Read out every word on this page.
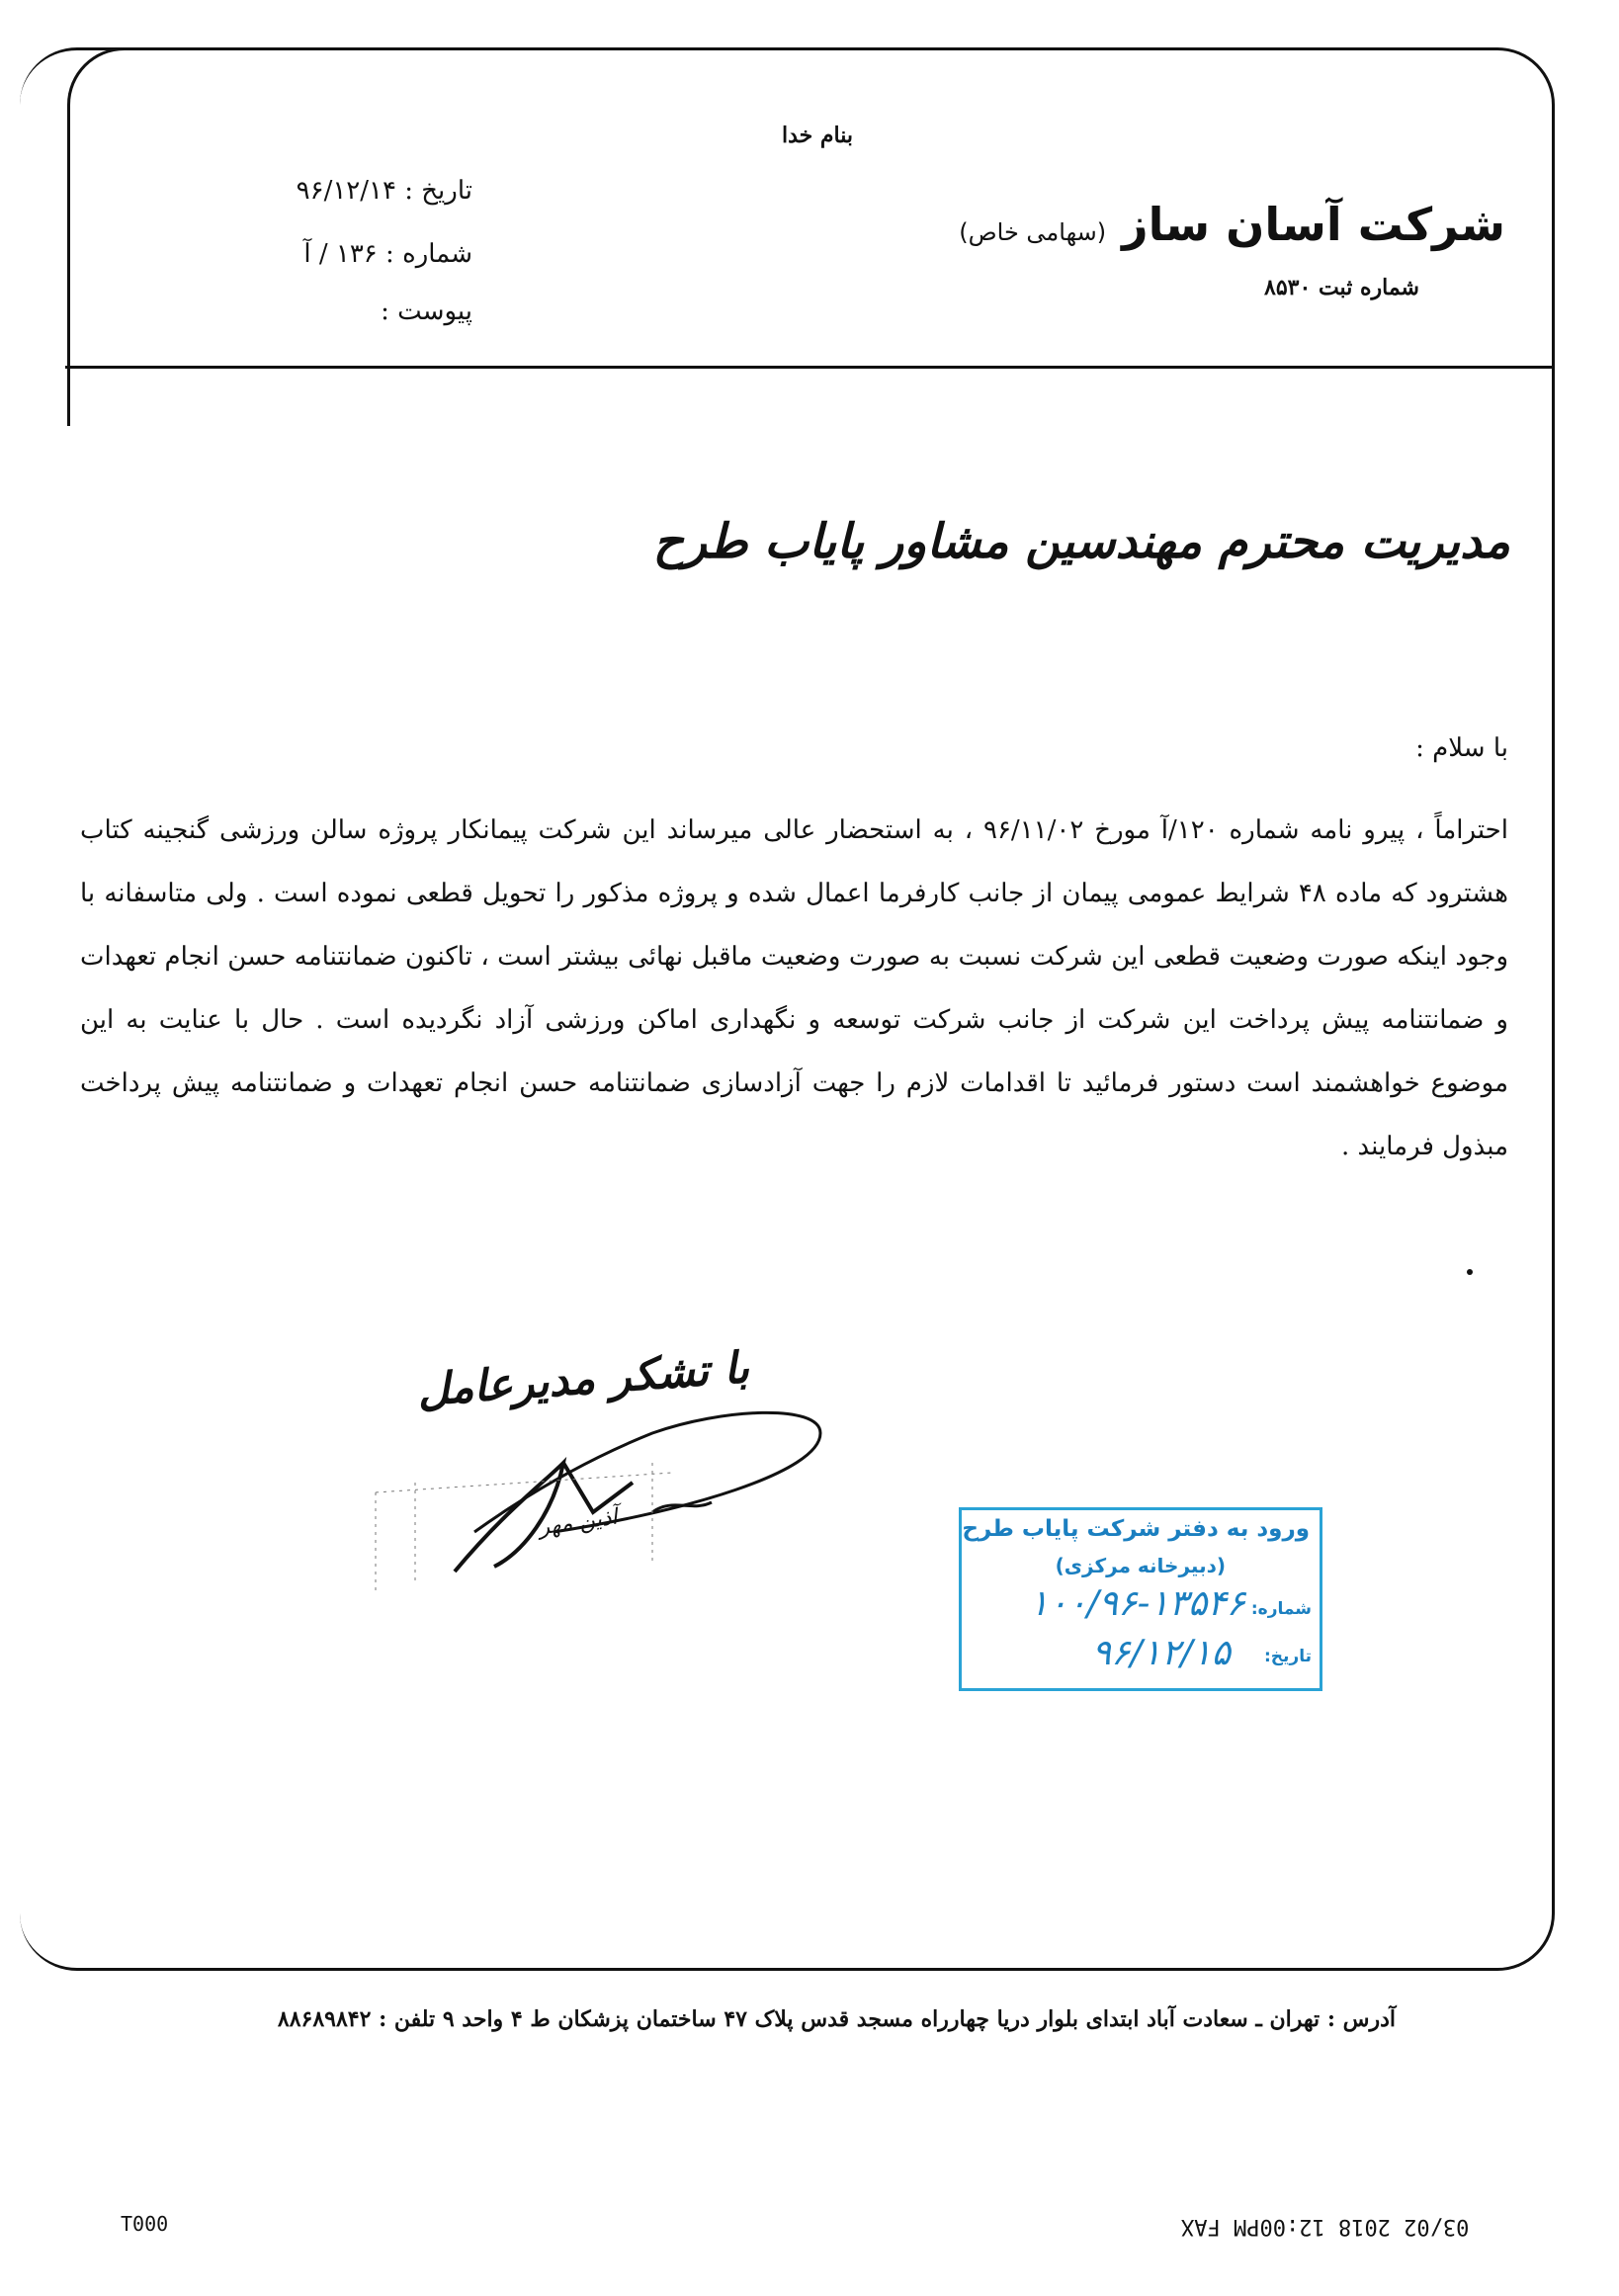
بنام خدا
شرکت آسان ساز (سهامی خاص)
شماره ثبت ۸۵۳۰
تاریخ : ۹۶/۱۲/۱۴
شماره : ۱۳۶ / آ
پیوست :
مدیریت محترم مهندسین مشاور پایاب طرح
با سلام :
احتراماً ، پیرو نامه شماره ۱۲۰/آ مورخ ۹۶/۱۱/۰۲ ، به استحضار عالی میرساند این شرکت پیمانکار پروژه سالن ورزشی گنجینه کتاب هشترود که ماده ۴۸ شرایط عمومی پیمان از جانب کارفرما اعمال شده و پروژه مذکور را تحویل قطعی نموده است . ولی متاسفانه با وجود اینکه صورت وضعیت قطعی این شرکت نسبت به صورت وضعیت ماقبل نهائی بیشتر است ، تاکنون ضمانتنامه حسن انجام تعهدات و ضمانتنامه پیش پرداخت این شرکت از جانب شرکت توسعه و نگهداری اماکن ورزشی آزاد نگردیده است . حال با عنایت به این موضوع خواهشمند است دستور فرمائید تا اقدامات لازم را جهت آزادسازی ضمانتنامه حسن انجام تعهدات و ضمانتنامه پیش پرداخت مبذول فرمایند .
با تشکر مدیرعامل
آذین مهر	ورود به دفتر شرکت پایاب طرح
(دبیرخانه مرکزی)
شماره:
۱۰۰/۹۶-۱۳۵۴۶
تاریخ:
۹۶/۱۲/۱۵
آدرس : تهران ـ سعادت آباد ابتدای بلوار دریا چهارراه مسجد قدس پلاک ۴۷ ساختمان پزشکان ط ۴ واحد ۹ تلفن : ۸۸۶۸۹۸۴۲
T000	03/02 2018 12:00PM FAX
